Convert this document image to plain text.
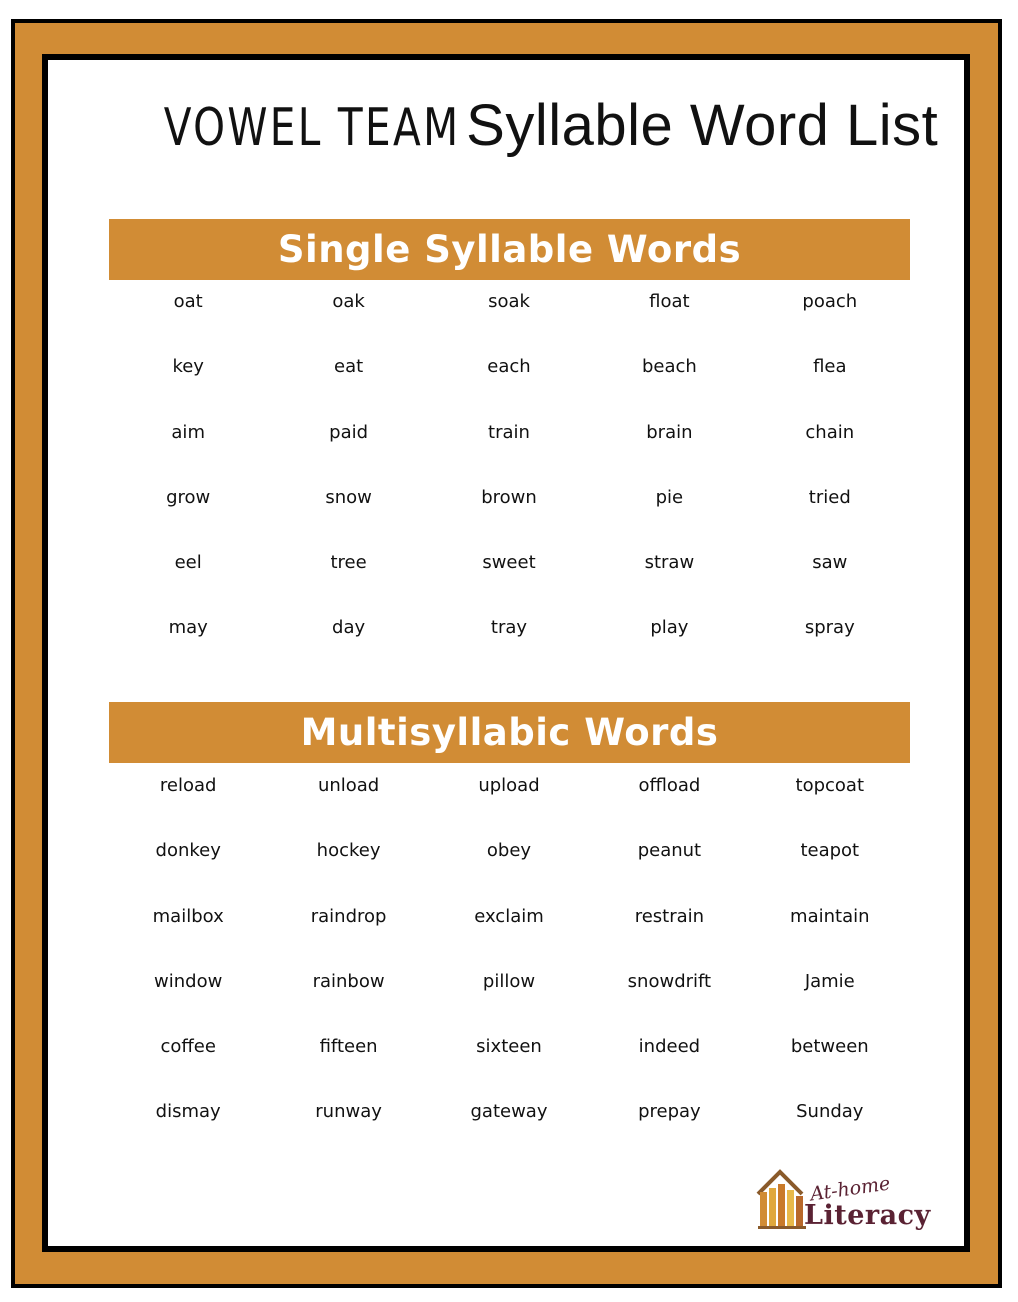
VOWEL TEAM Syllable Word List
Single Syllable Words
oat	oak	soak	float	poach
key	eat	each	beach	flea
aim	paid	train	brain	chain
grow	snow	brown	pie	tried
eel	tree	sweet	straw	saw
may	day	tray	play	spray
Multisyllabic Words
reload	unload	upload	offload	topcoat
donkey	hockey	obey	peanut	teapot
mailbox	raindrop	exclaim	restrain	maintain
window	rainbow	pillow	snowdrift	Jamie
coffee	fifteen	sixteen	indeed	between
dismay	runway	gateway	prepay	Sunday
At-home
Literacy
